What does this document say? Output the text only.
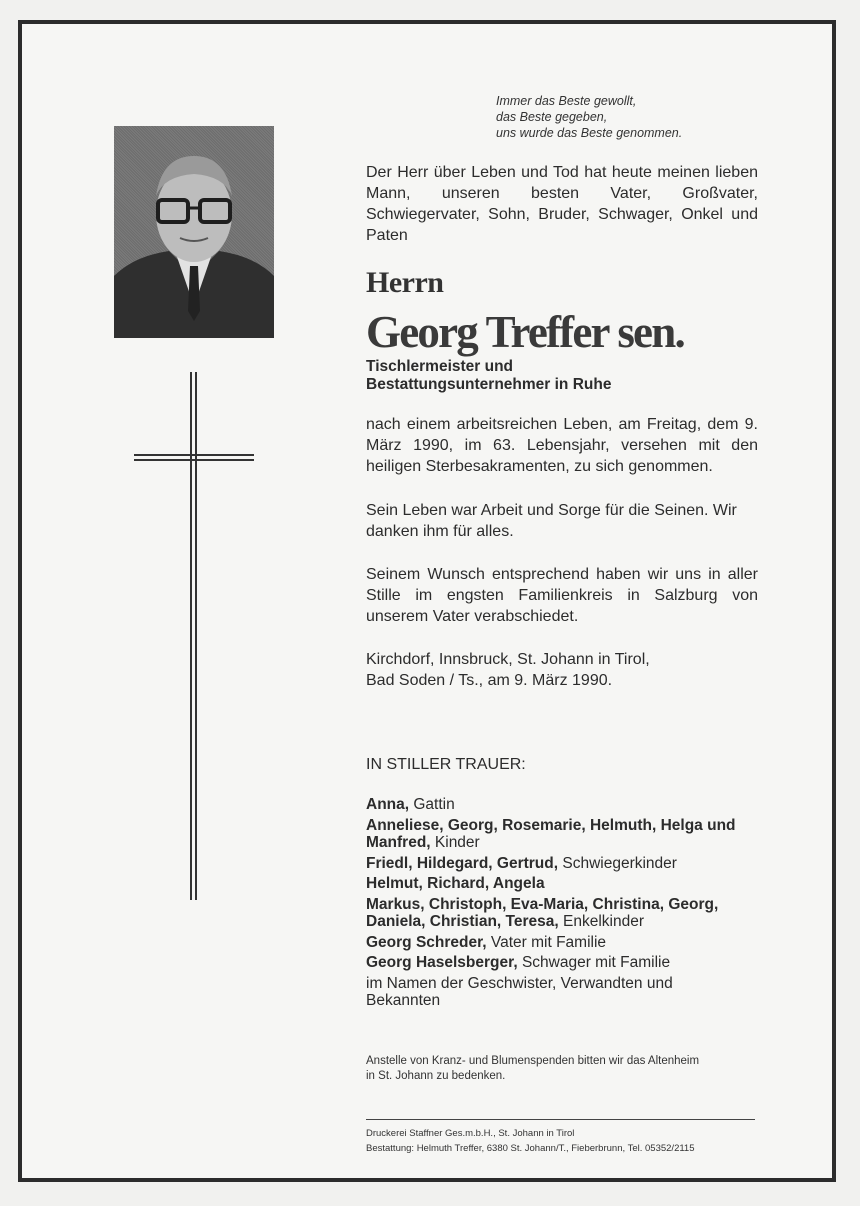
Immer das Beste gewollt,
das Beste gegeben,
uns wurde das Beste genommen.

Der Herr über Leben und Tod hat heute meinen lieben Mann, unseren besten Vater, Großvater, Schwiegervater, Sohn, Bruder, Schwager, Onkel und Paten

Herrn
Georg Treffer sen.
Tischlermeister und
Bestattungsunternehmer in Ruhe

nach einem arbeitsreichen Leben, am Freitag, dem 9. März 1990, im 63. Lebensjahr, versehen mit den heiligen Sterbesakramenten, zu sich genommen.

Sein Leben war Arbeit und Sorge für die Seinen. Wir danken ihm für alles.

Seinem Wunsch entsprechend haben wir uns in aller Stille im engsten Familienkreis in Salzburg von unserem Vater verabschiedet.

Kirchdorf, Innsbruck, St. Johann in Tirol, Bad Soden / Ts., am 9. März 1990.

IN STILLER TRAUER:

Anna, Gattin

Anneliese, Georg, Rosemarie, Helmuth, Helga und Manfred, Kinder

Friedl, Hildegard, Gertrud, Schwiegerkinder

Helmut, Richard, Angela

Markus, Christoph, Eva-Maria, Christina, Georg, Daniela, Christian, Teresa, Enkelkinder

Georg Schreder, Vater mit Familie

Georg Haselsberger, Schwager mit Familie

im Namen der Geschwister, Verwandten und Bekannten

Anstelle von Kranz- und Blumenspenden bitten wir das Altenheim
in St. Johann zu bedenken.
Druckerei Staffner Ges.m.b.H., St. Johann in Tirol
Bestattung: Helmuth Treffer, 6380 St. Johann/T., Fieberbrunn, Tel. 05352/2115
